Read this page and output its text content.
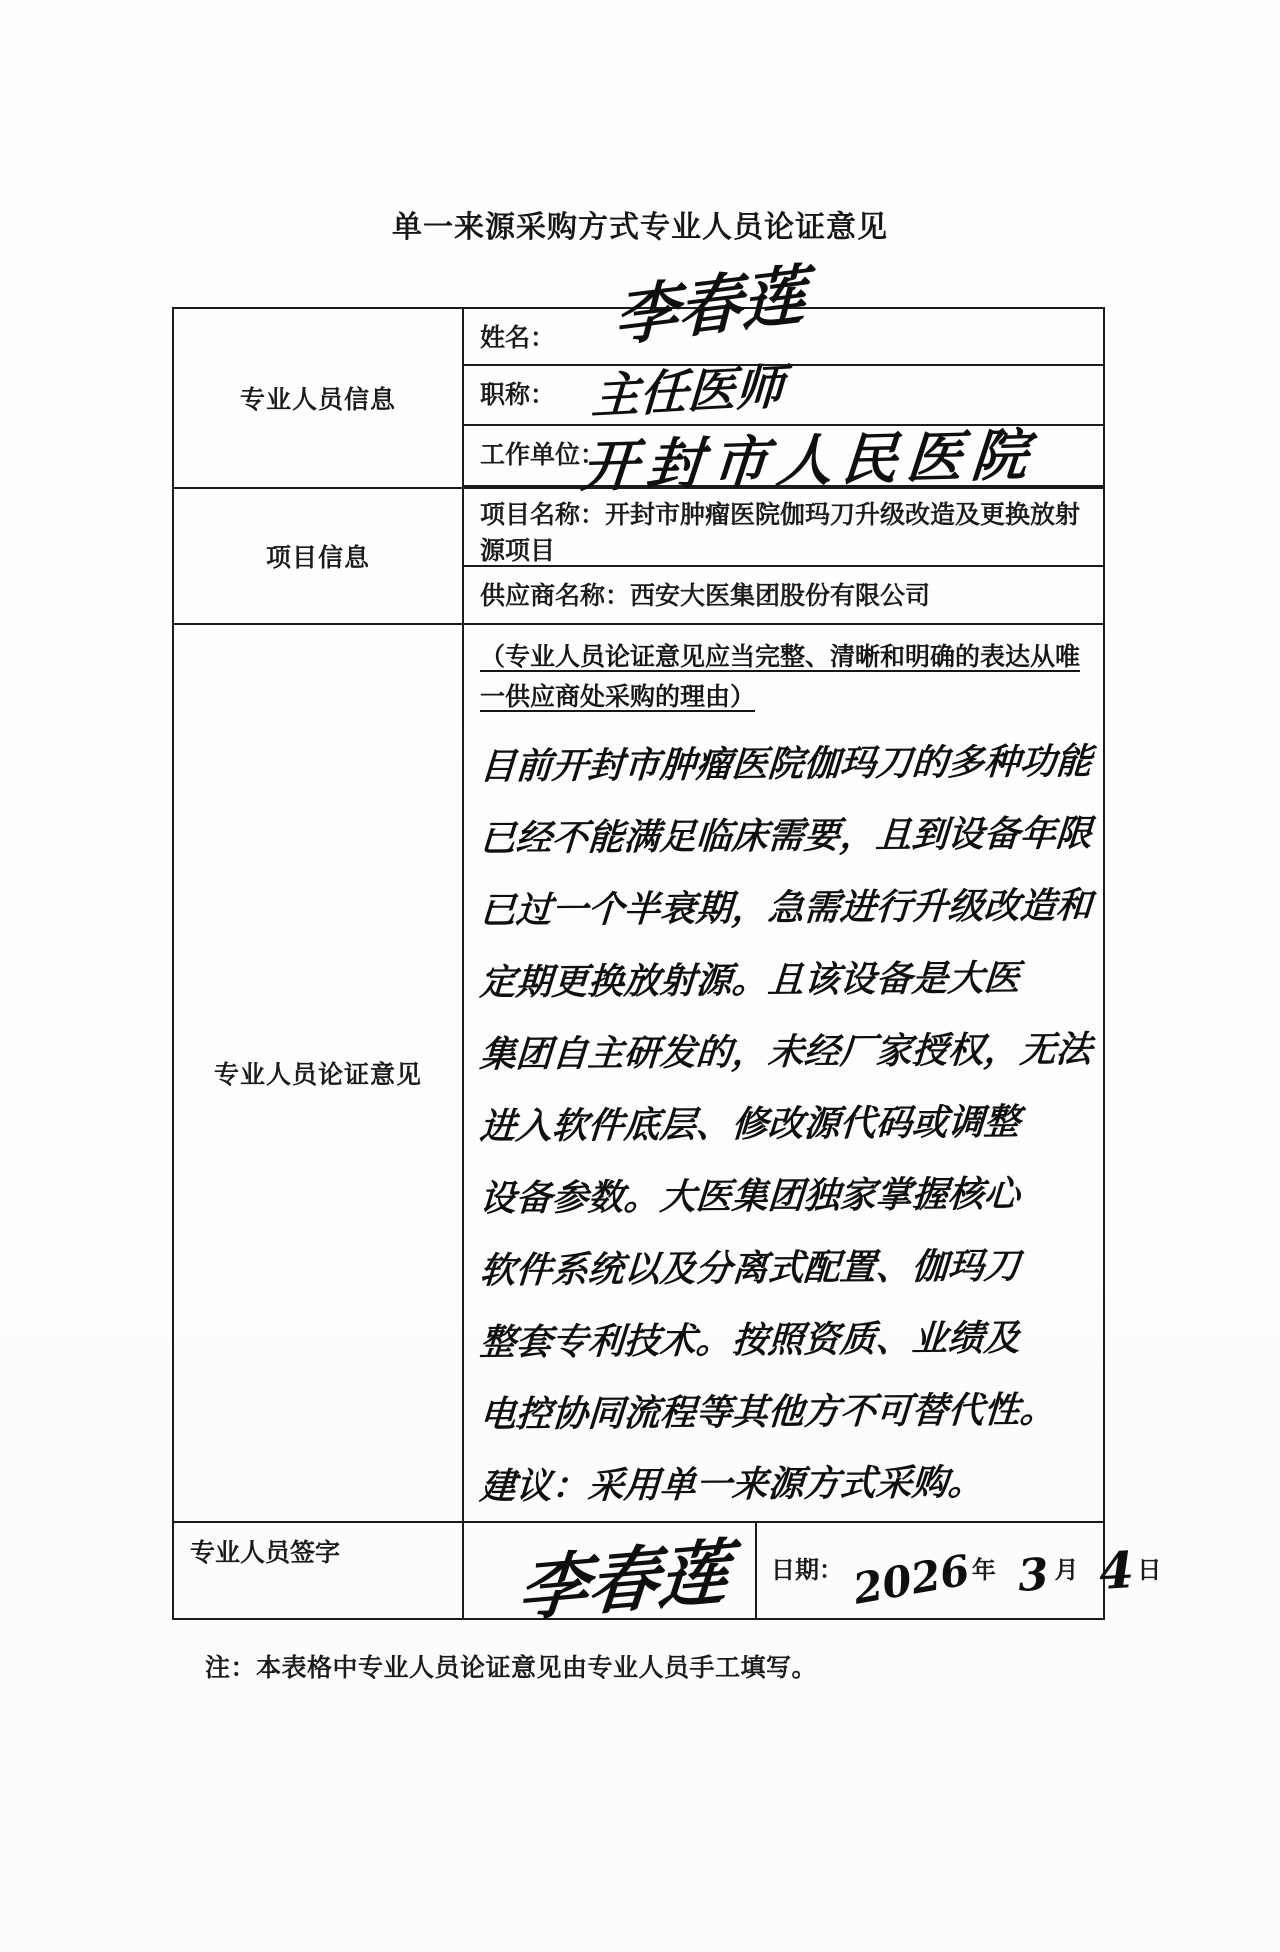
单一来源采购方式专业人员论证意见
专业人员信息
姓名：
职称：
工作单位：
李春莲
主任医师
开封市人民医院
项目信息
项目名称：开封市肿瘤医院伽玛刀升级改造及更换放射源项目
供应商名称：西安大医集团股份有限公司
专业人员论证意见
（专业人员论证意见应当完整、清晰和明确的表达从唯一供应商处采购的理由）
目前开封市肿瘤医院伽玛刀的多种功能
已经不能满足临床需要，且到设备年限
已过一个半衰期，急需进行升级改造和
定期更换放射源。且该设备是大医
集团自主研发的，未经厂家授权，无法
进入软件底层、修改源代码或调整
设备参数。大医集团独家掌握核心
软件系统以及分离式配置、伽玛刀
整套专利技术。按照资质、业绩及
电控协同流程等其他方不可替代性。
建议：采用单一来源方式采购。
专业人员签字	李春莲	日期： 2026年 3 月 4 日
注：本表格中专业人员论证意见由专业人员手工填写。
